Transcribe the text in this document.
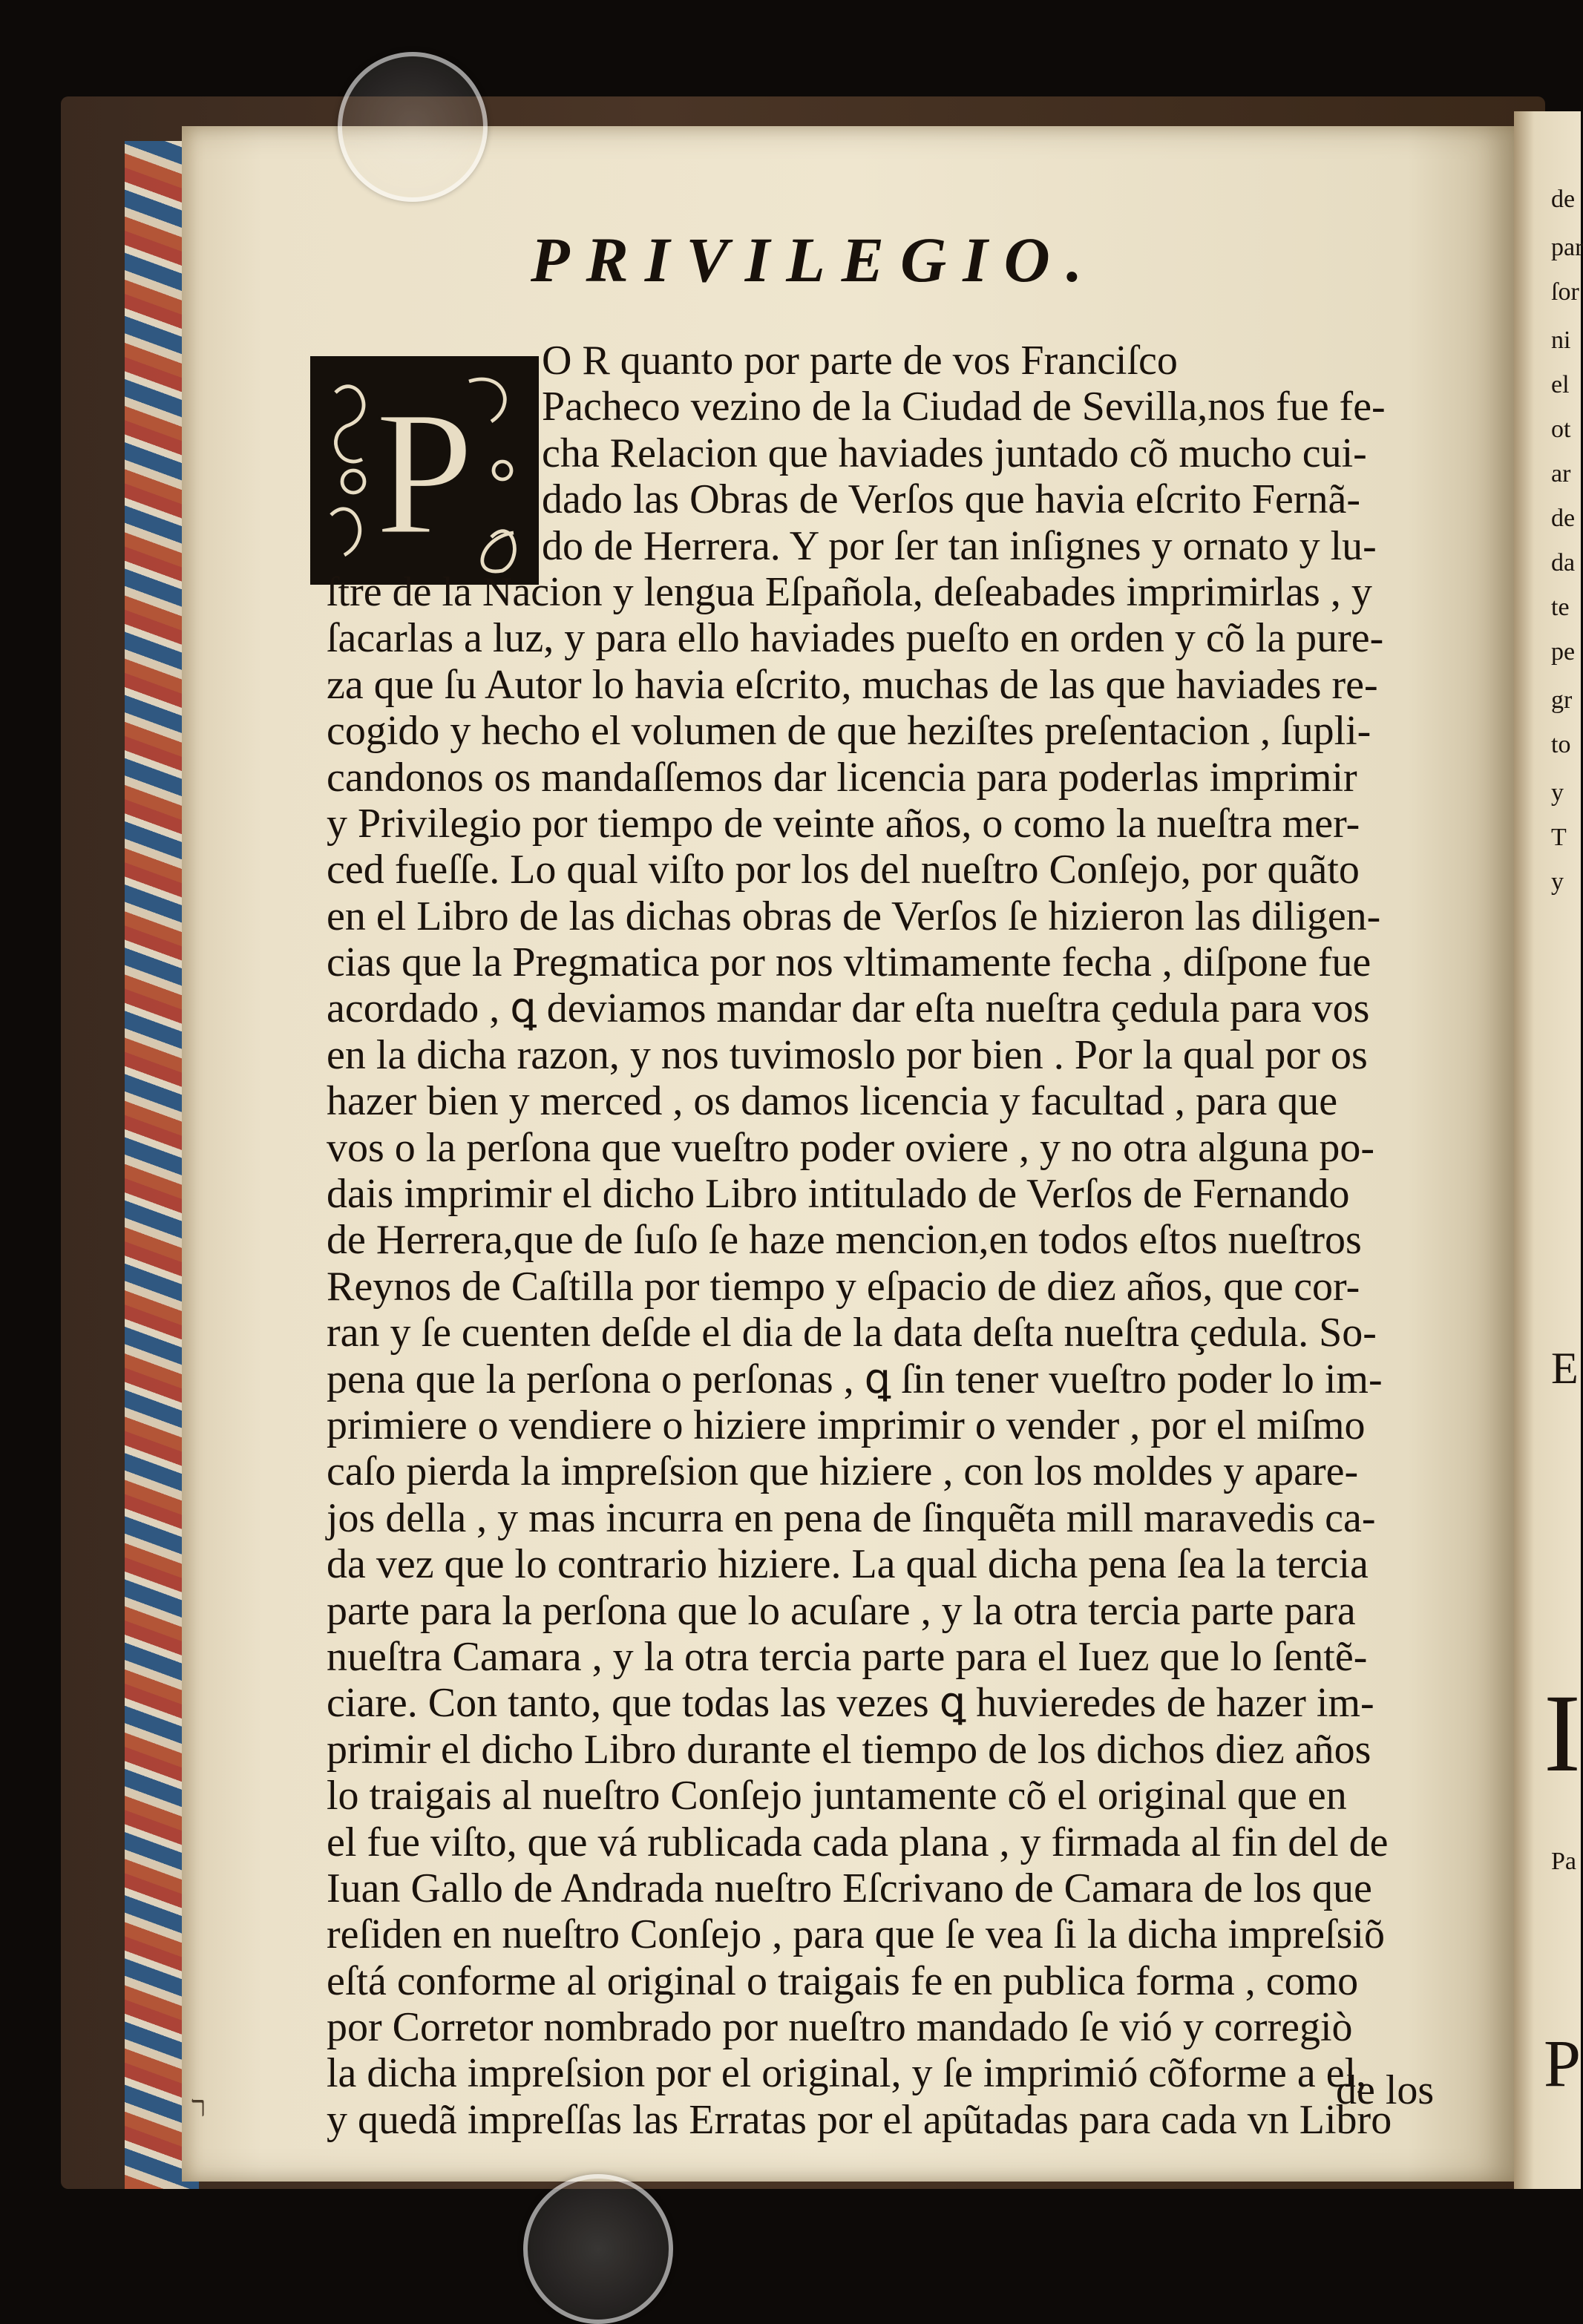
de
par
ſor
ni
el
ot
ar
de
da
te
pe
gr
to
y
T
y
E
I
Pa
P
PRIVILEGIO.
P
O R quanto por parte de vos Franciſco
Pacheco vezino de la Ciudad de Sevilla,nos fue fe-
cha Relacion que haviades juntado cõ mucho cui-
dado las Obras de Verſos que havia eſcrito Fernã-
do de Herrera. Y por ſer tan inſignes y ornato y lu-
ſtre de la Nacion y lengua Eſpañola, deſeabades imprimirlas , y
ſacarlas a luz, y para ello haviades pueſto en orden y cõ la pure-
za que ſu Autor lo havia eſcrito, muchas de las que haviades re-
cogido y hecho el volumen de que heziſtes preſentacion , ſupli-
candonos os mandaſſemos dar licencia para poderlas imprimir
y Privilegio por tiempo de veinte años, o como la nueſtra mer-
ced fueſſe. Lo qual viſto por los del nueſtro Conſejo, por quãto
en el Libro de las dichas obras de Verſos ſe hizieron las diligen-
cias que la Pregmatica por nos vltimamente fecha , diſpone fue
acordado , ꝗ deviamos mandar dar eſta nueſtra çedula para vos
en la dicha razon, y nos tuvimoslo por bien . Por la qual por os
hazer bien y merced , os damos licencia y facultad , para que
vos o la perſona que vueſtro poder oviere , y no otra alguna po-
dais imprimir el dicho Libro intitulado de Verſos de Fernando
de Herrera,que de ſuſo ſe haze mencion,en todos eſtos nueſtros
Reynos de Caſtilla por tiempo y eſpacio de diez años, que cor-
ran y ſe cuenten deſde el dia de la data deſta nueſtra çedula. So-
pena que la perſona o perſonas , ꝗ ſin tener vueſtro poder lo im-
primiere o vendiere o hiziere imprimir o vender , por el miſmo
caſo pierda la impreſsion que hiziere , con los moldes y apare-
jos della , y mas incurra en pena de ſinquẽta mill maravedis ca-
da vez que lo contrario hiziere. La qual dicha pena ſea la tercia
parte para la perſona que lo acuſare , y la otra tercia parte para
nueſtra Camara , y la otra tercia parte para el Iuez que lo ſentẽ-
ciare. Con tanto, que todas las vezes ꝗ huvieredes de hazer im-
primir el dicho Libro durante el tiempo de los dichos diez años
lo traigais al nueſtro Conſejo juntamente cõ el original que en
el fue viſto, que vá rublicada cada plana , y firmada al fin del de
Iuan Gallo de Andrada nueſtro Eſcrivano de Camara de los que
reſiden en nueſtro Conſejo , para que ſe vea ſi la dicha impreſsiõ
eſtá conforme al original o traigais fe en publica forma , como
por Corretor nombrado por nueſtro mandado ſe vió y corregiò
la dicha impreſsion por el original, y ſe imprimió cõforme a el,
y quedã impreſſas las Erratas por el apũtadas para cada vn Libro
de los
ר
